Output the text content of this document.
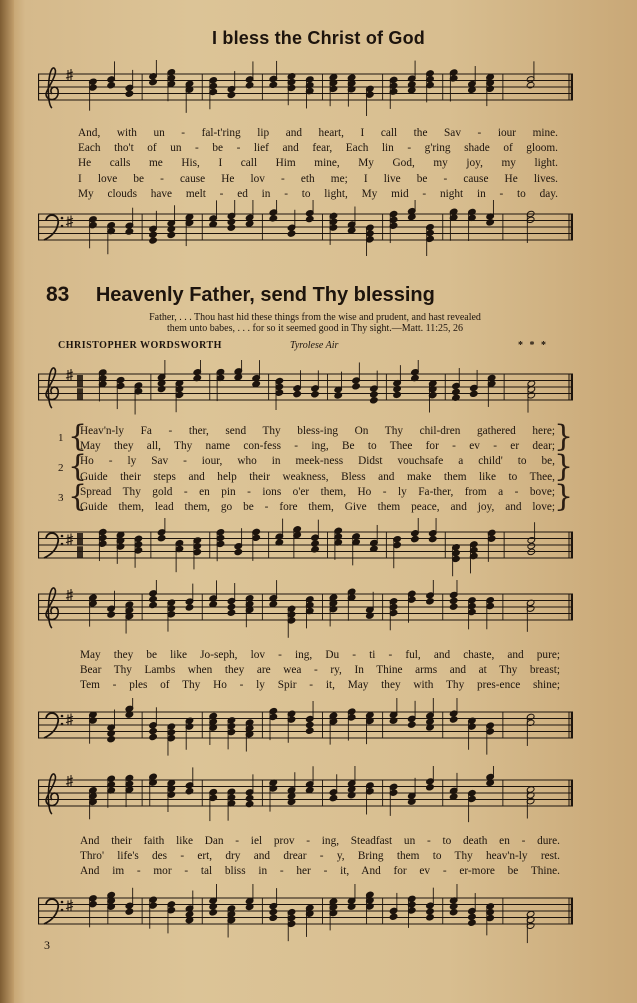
I bless the Christ of God
And, with un - fal-t'ring lip and heart, I call the Sav - iour mine.
Each tho't of un - be - lief and fear, Each lin - g'ring shade of gloom.
He calls me His, I call Him mine, My God, my joy, my light.
I love be - cause He lov - eth me; I live be - cause He lives.
My clouds have melt - ed in - to light, My mid - night in - to day.
83 Heavenly Father, send Thy blessing
Father, . . . Thou hast hid these things from the wise and prudent, and hast revealed
them unto babes, . . . for so it seemed good in Thy sight.—Matt. 11:25, 26
CHRISTOPHER WORDSWORTH	Tyrolese Air	* * *
1 {
2 {
3 {
Heav'n-ly Fa - ther, send Thy bless-ing On Thy chil-dren gathered here;
May they all, Thy name con-fess - ing, Be to Thee for - ev - er dear;
Ho - ly Sav - iour, who in meek-ness Didst vouchsafe a child' to be,
Guide their steps and help their weakness, Bless and make them like to Thee,
Spread Thy gold - en pin - ions o'er them, Ho - ly Fa-ther, from a - bove;
Guide them, lead them, go be - fore them, Give them peace, and joy, and love;
}
}
}
May they be like Jo-seph, lov - ing, Du - ti - ful, and chaste, and pure;
Bear Thy Lambs when they are wea - ry, In Thine arms and at Thy breast;
Tem - ples of Thy Ho - ly Spir - it, May they with Thy pres-ence shine;
And their faith like Dan - iel prov - ing, Steadfast un - to death en - dure.
Thro' life's des - ert, dry and drear - y, Bring them to Thy heav'n-ly rest.
And im - mor - tal bliss in - her - it, And for ev - er-more be Thine.
3
